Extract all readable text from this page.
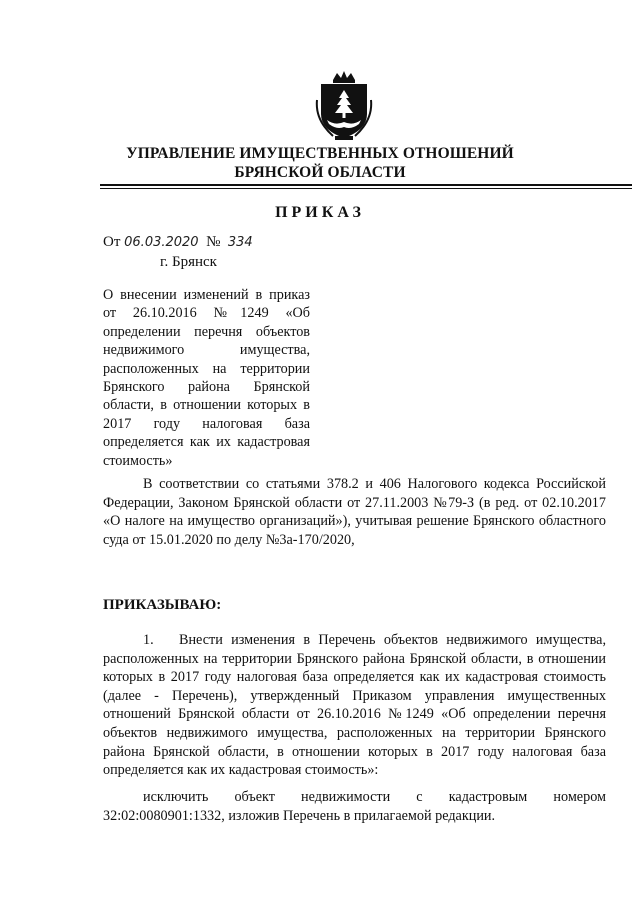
УПРАВЛЕНИЕ ИМУЩЕСТВЕННЫХ ОТНОШЕНИЙ
БРЯНСКОЙ ОБЛАСТИ
ПРИКАЗ
От 06.03.2020 № 334
г. Брянск
О внесении изменений в приказ от 26.10.2016 №1249 «Об определении перечня объектов недвижимого имущества, расположенных на территории Брянского района Брянской области, в отношении которых в 2017 году налоговая база определяется как их кадастровая стоимость»
В соответствии со статьями 378.2 и 406 Налогового кодекса Российской Федерации, Законом Брянской области от 27.11.2003 №79-З (в ред. от 02.10.2017 «О налоге на имущество организаций»), учитывая решение Брянского областного суда от 15.01.2020 по делу №3а-170/2020,
ПРИКАЗЫВАЮ:
1. Внести изменения в Перечень объектов недвижимого имущества, расположенных на территории Брянского района Брянской области, в отношении которых в 2017 году налоговая база определяется как их кадастровая стоимость (далее - Перечень), утвержденный Приказом управления имущественных отношений Брянской области от 26.10.2016 №1249 «Об определении перечня объектов недвижимого имущества, расположенных на территории Брянского района Брянской области, в отношении которых в 2017 году налоговая база определяется как их кадастровая стоимость»:
исключить объект недвижимости с кадастровым номером 32:02:0080901:1332, изложив Перечень в прилагаемой редакции.
